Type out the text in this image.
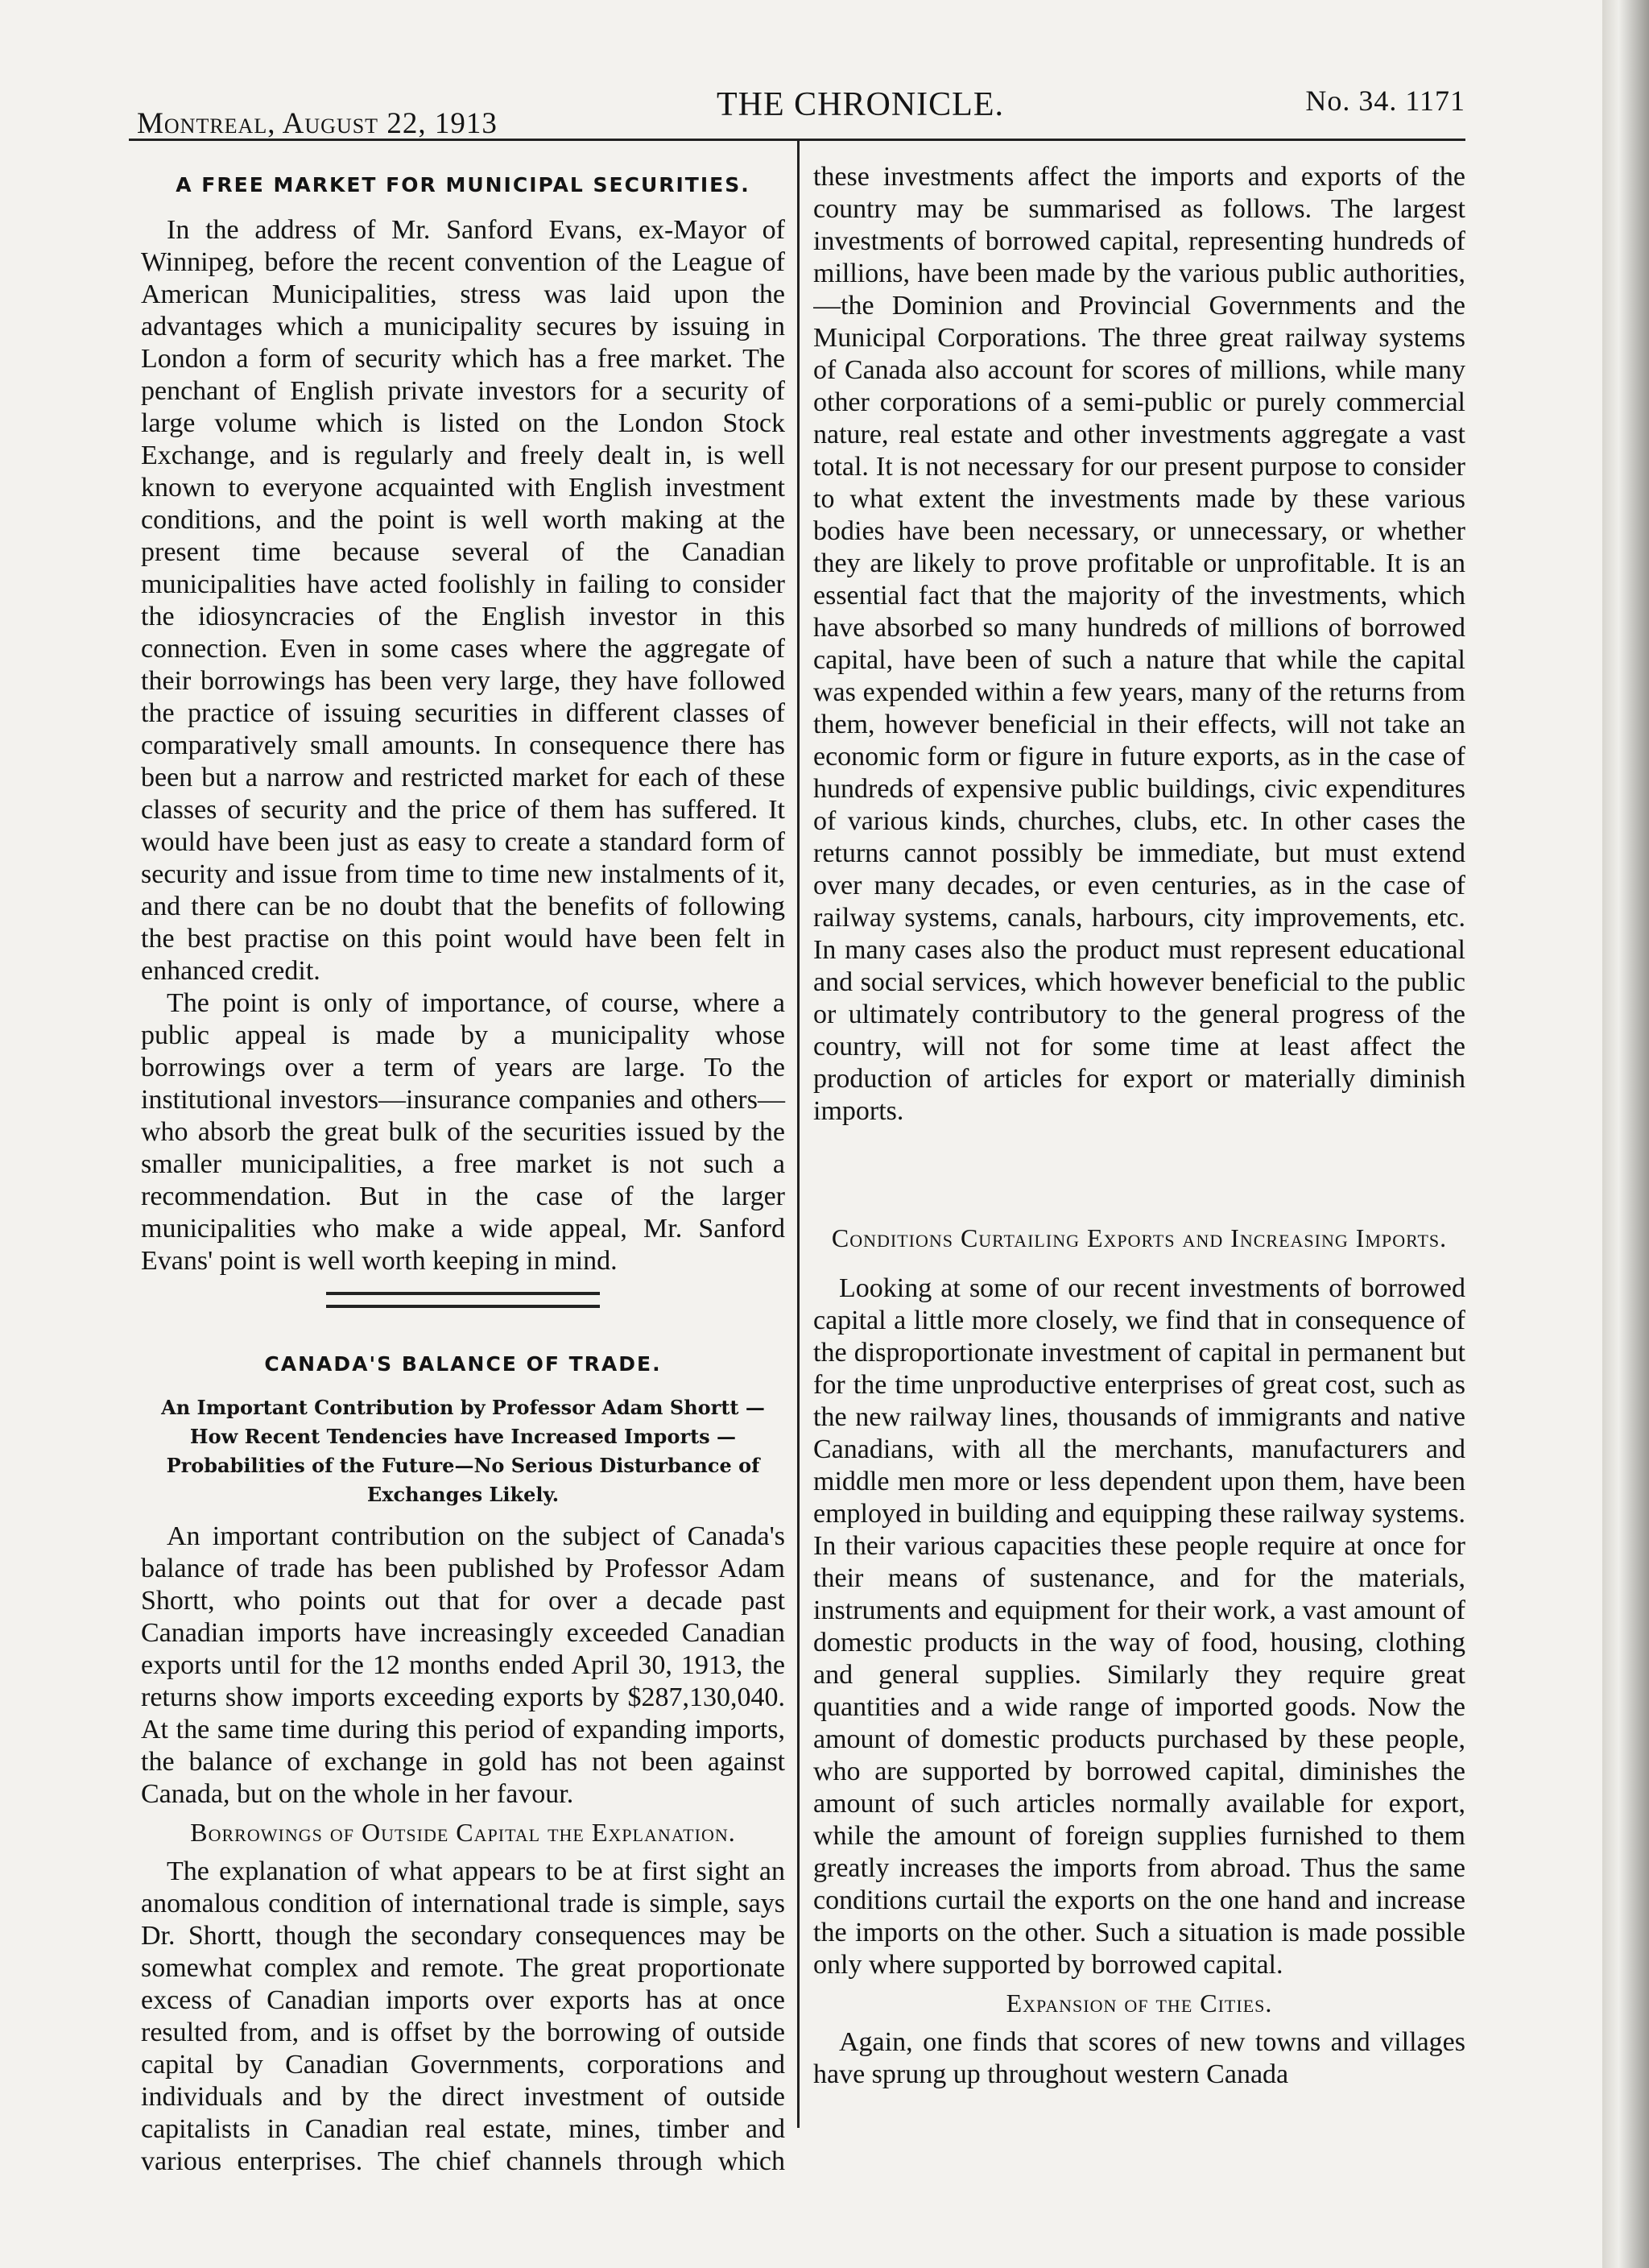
Montreal, August 22, 1913
THE CHRONICLE.	No. 34. 1171
A FREE MARKET FOR MUNICIPAL SECURITIES.

In the address of Mr. Sanford Evans, ex-Mayor of Winnipeg, before the recent convention of the League of American Municipalities, stress was laid upon the advantages which a municipality secures by issuing in London a form of security which has a free market. The penchant of English private investors for a security of large volume which is listed on the London Stock Exchange, and is regularly and freely dealt in, is well known to everyone acquainted with English investment conditions, and the point is well worth making at the present time because several of the Canadian municipalities have acted foolishly in failing to consider the idiosyncracies of the English investor in this connection. Even in some cases where the aggregate of their borrowings has been very large, they have followed the practice of issuing securities in different classes of comparatively small amounts. In consequence there has been but a narrow and restricted market for each of these classes of security and the price of them has suffered. It would have been just as easy to create a standard form of security and issue from time to time new instalments of it, and there can be no doubt that the benefits of following the best practise on this point would have been felt in enhanced credit.

The point is only of importance, of course, where a public appeal is made by a municipality whose borrowings over a term of years are large. To the institutional investors—insurance companies and others—who absorb the great bulk of the securities issued by the smaller municipalities, a free market is not such a recommendation. But in the case of the larger municipalities who make a wide appeal, Mr. Sanford Evans' point is well worth keeping in mind.

CANADA'S BALANCE OF TRADE.
An Important Contribution by Professor Adam Shortt —How Recent Tendencies have Increased Imports —Probabilities of the Future—No Serious Disturbance of Exchanges Likely.

An important contribution on the subject of Canada's balance of trade has been published by Professor Adam Shortt, who points out that for over a decade past Canadian imports have increasingly exceeded Canadian exports until for the 12 months ended April 30, 1913, the returns show imports exceeding exports by $287,130,040. At the same time during this period of expanding imports, the balance of exchange in gold has not been against Canada, but on the whole in her favour.

Borrowings of Outside Capital the Explanation.

The explanation of what appears to be at first sight an anomalous condition of international trade is simple, says Dr. Shortt, though the secondary consequences may be somewhat complex and remote. The great proportionate excess of Canadian imports over exports has at once resulted from, and is offset by the borrowing of outside capital by Canadian Governments, corporations and individuals and by the direct investment of outside capitalists in Canadian real estate, mines, timber and various enterprises. The chief channels through which

these investments affect the imports and exports of the country may be summarised as follows. The largest investments of borrowed capital, representing hundreds of millions, have been made by the various public authorities,—the Dominion and Provincial Governments and the Municipal Corporations. The three great railway systems of Canada also account for scores of millions, while many other corporations of a semi-public or purely commercial nature, real estate and other investments aggregate a vast total. It is not necessary for our present purpose to consider to what extent the investments made by these various bodies have been necessary, or unnecessary, or whether they are likely to prove profitable or unprofitable. It is an essential fact that the majority of the investments, which have absorbed so many hundreds of millions of borrowed capital, have been of such a nature that while the capital was expended within a few years, many of the returns from them, however beneficial in their effects, will not take an economic form or figure in future exports, as in the case of hundreds of expensive public buildings, civic expenditures of various kinds, churches, clubs, etc. In other cases the returns cannot possibly be immediate, but must extend over many decades, or even centuries, as in the case of railway systems, canals, harbours, city improvements, etc. In many cases also the product must represent educational and social services, which however beneficial to the public or ultimately contributory to the general progress of the country, will not for some time at least affect the production of articles for export or materially diminish imports.

Conditions Curtailing Exports and Increasing Imports.

Looking at some of our recent investments of borrowed capital a little more closely, we find that in consequence of the disproportionate investment of capital in permanent but for the time unproductive enterprises of great cost, such as the new railway lines, thousands of immigrants and native Canadians, with all the merchants, manufacturers and middle men more or less dependent upon them, have been employed in building and equipping these railway systems. In their various capacities these people require at once for their means of sustenance, and for the materials, instruments and equipment for their work, a vast amount of domestic products in the way of food, housing, clothing and general supplies. Similarly they require great quantities and a wide range of imported goods. Now the amount of domestic products purchased by these people, who are supported by borrowed capital, diminishes the amount of such articles normally available for export, while the amount of foreign supplies furnished to them greatly increases the imports from abroad. Thus the same conditions curtail the exports on the one hand and increase the imports on the other. Such a situation is made possible only where supported by borrowed capital.

Expansion of the Cities.

Again, one finds that scores of new towns and villages have sprung up throughout western Canada
